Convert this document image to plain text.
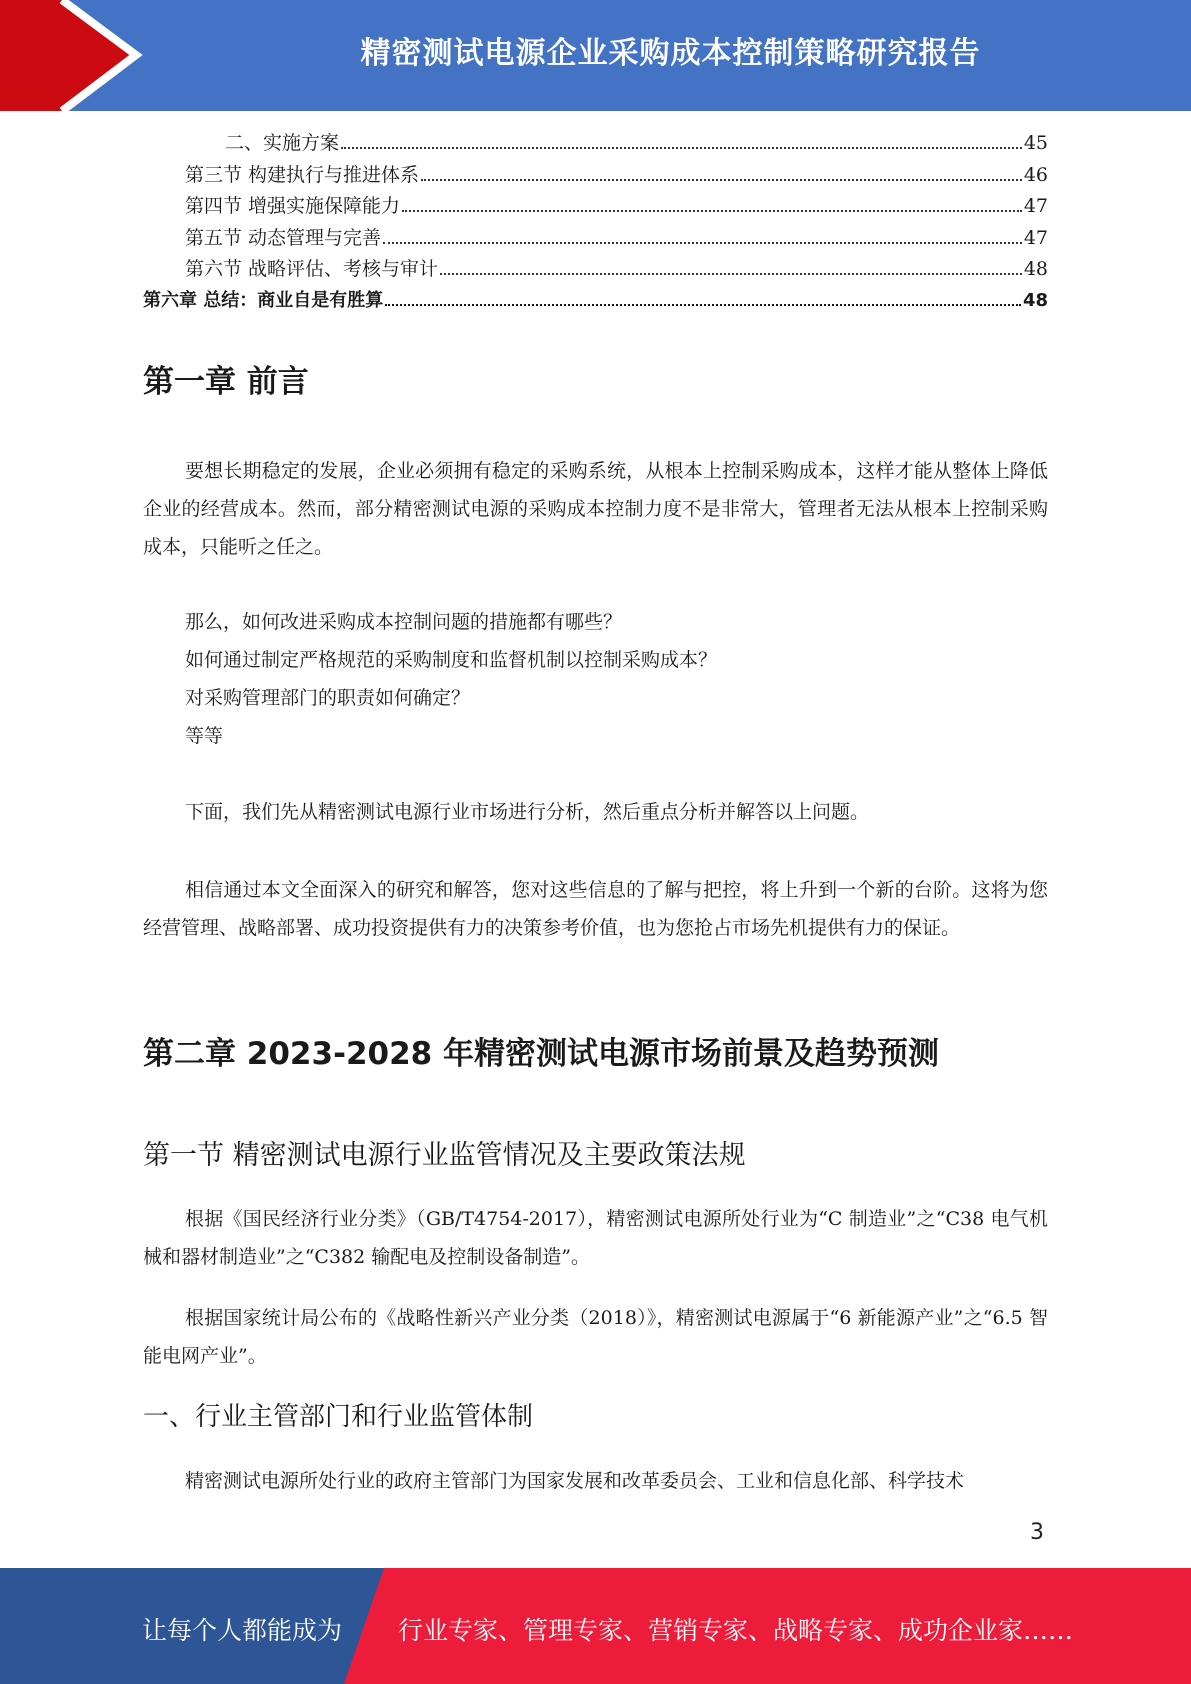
精密测试电源企业采购成本控制策略研究报告
二、实施方案	45
第三节 构建执行与推进体系	46
第四节 增强实施保障能力	47
第五节 动态管理与完善	47
第六节 战略评估、考核与审计	48
第六章 总结：商业自是有胜算	48
第一章 前言
要想长期稳定的发展，企业必须拥有稳定的采购系统，从根本上控制采购成本，这样才能从整体上降低企业的经营成本。然而，部分精密测试电源的采购成本控制力度不是非常大，管理者无法从根本上控制采购成本，只能听之任之。
那么，如何改进采购成本控制问题的措施都有哪些？
如何通过制定严格规范的采购制度和监督机制以控制采购成本？
对采购管理部门的职责如何确定？
等等
下面，我们先从精密测试电源行业市场进行分析，然后重点分析并解答以上问题。
相信通过本文全面深入的研究和解答，您对这些信息的了解与把控，将上升到一个新的台阶。这将为您经营管理、战略部署、成功投资提供有力的决策参考价值，也为您抢占市场先机提供有力的保证。
第二章 2023-2028 年精密测试电源市场前景及趋势预测
第一节 精密测试电源行业监管情况及主要政策法规
根据《国民经济行业分类》（GB/T4754-2017），精密测试电源所处行业为“C 制造业”之“C38 电气机械和器材制造业”之“C382 输配电及控制设备制造”。
根据国家统计局公布的《战略性新兴产业分类（2018）》，精密测试电源属于“6 新能源产业”之“6.5 智能电网产业”。
一、行业主管部门和行业监管体制
精密测试电源所处行业的政府主管部门为国家发展和改革委员会、工业和信息化部、科学技术
3
让每个人都能成为 行业专家、管理专家、营销专家、战略专家、成功企业家……
